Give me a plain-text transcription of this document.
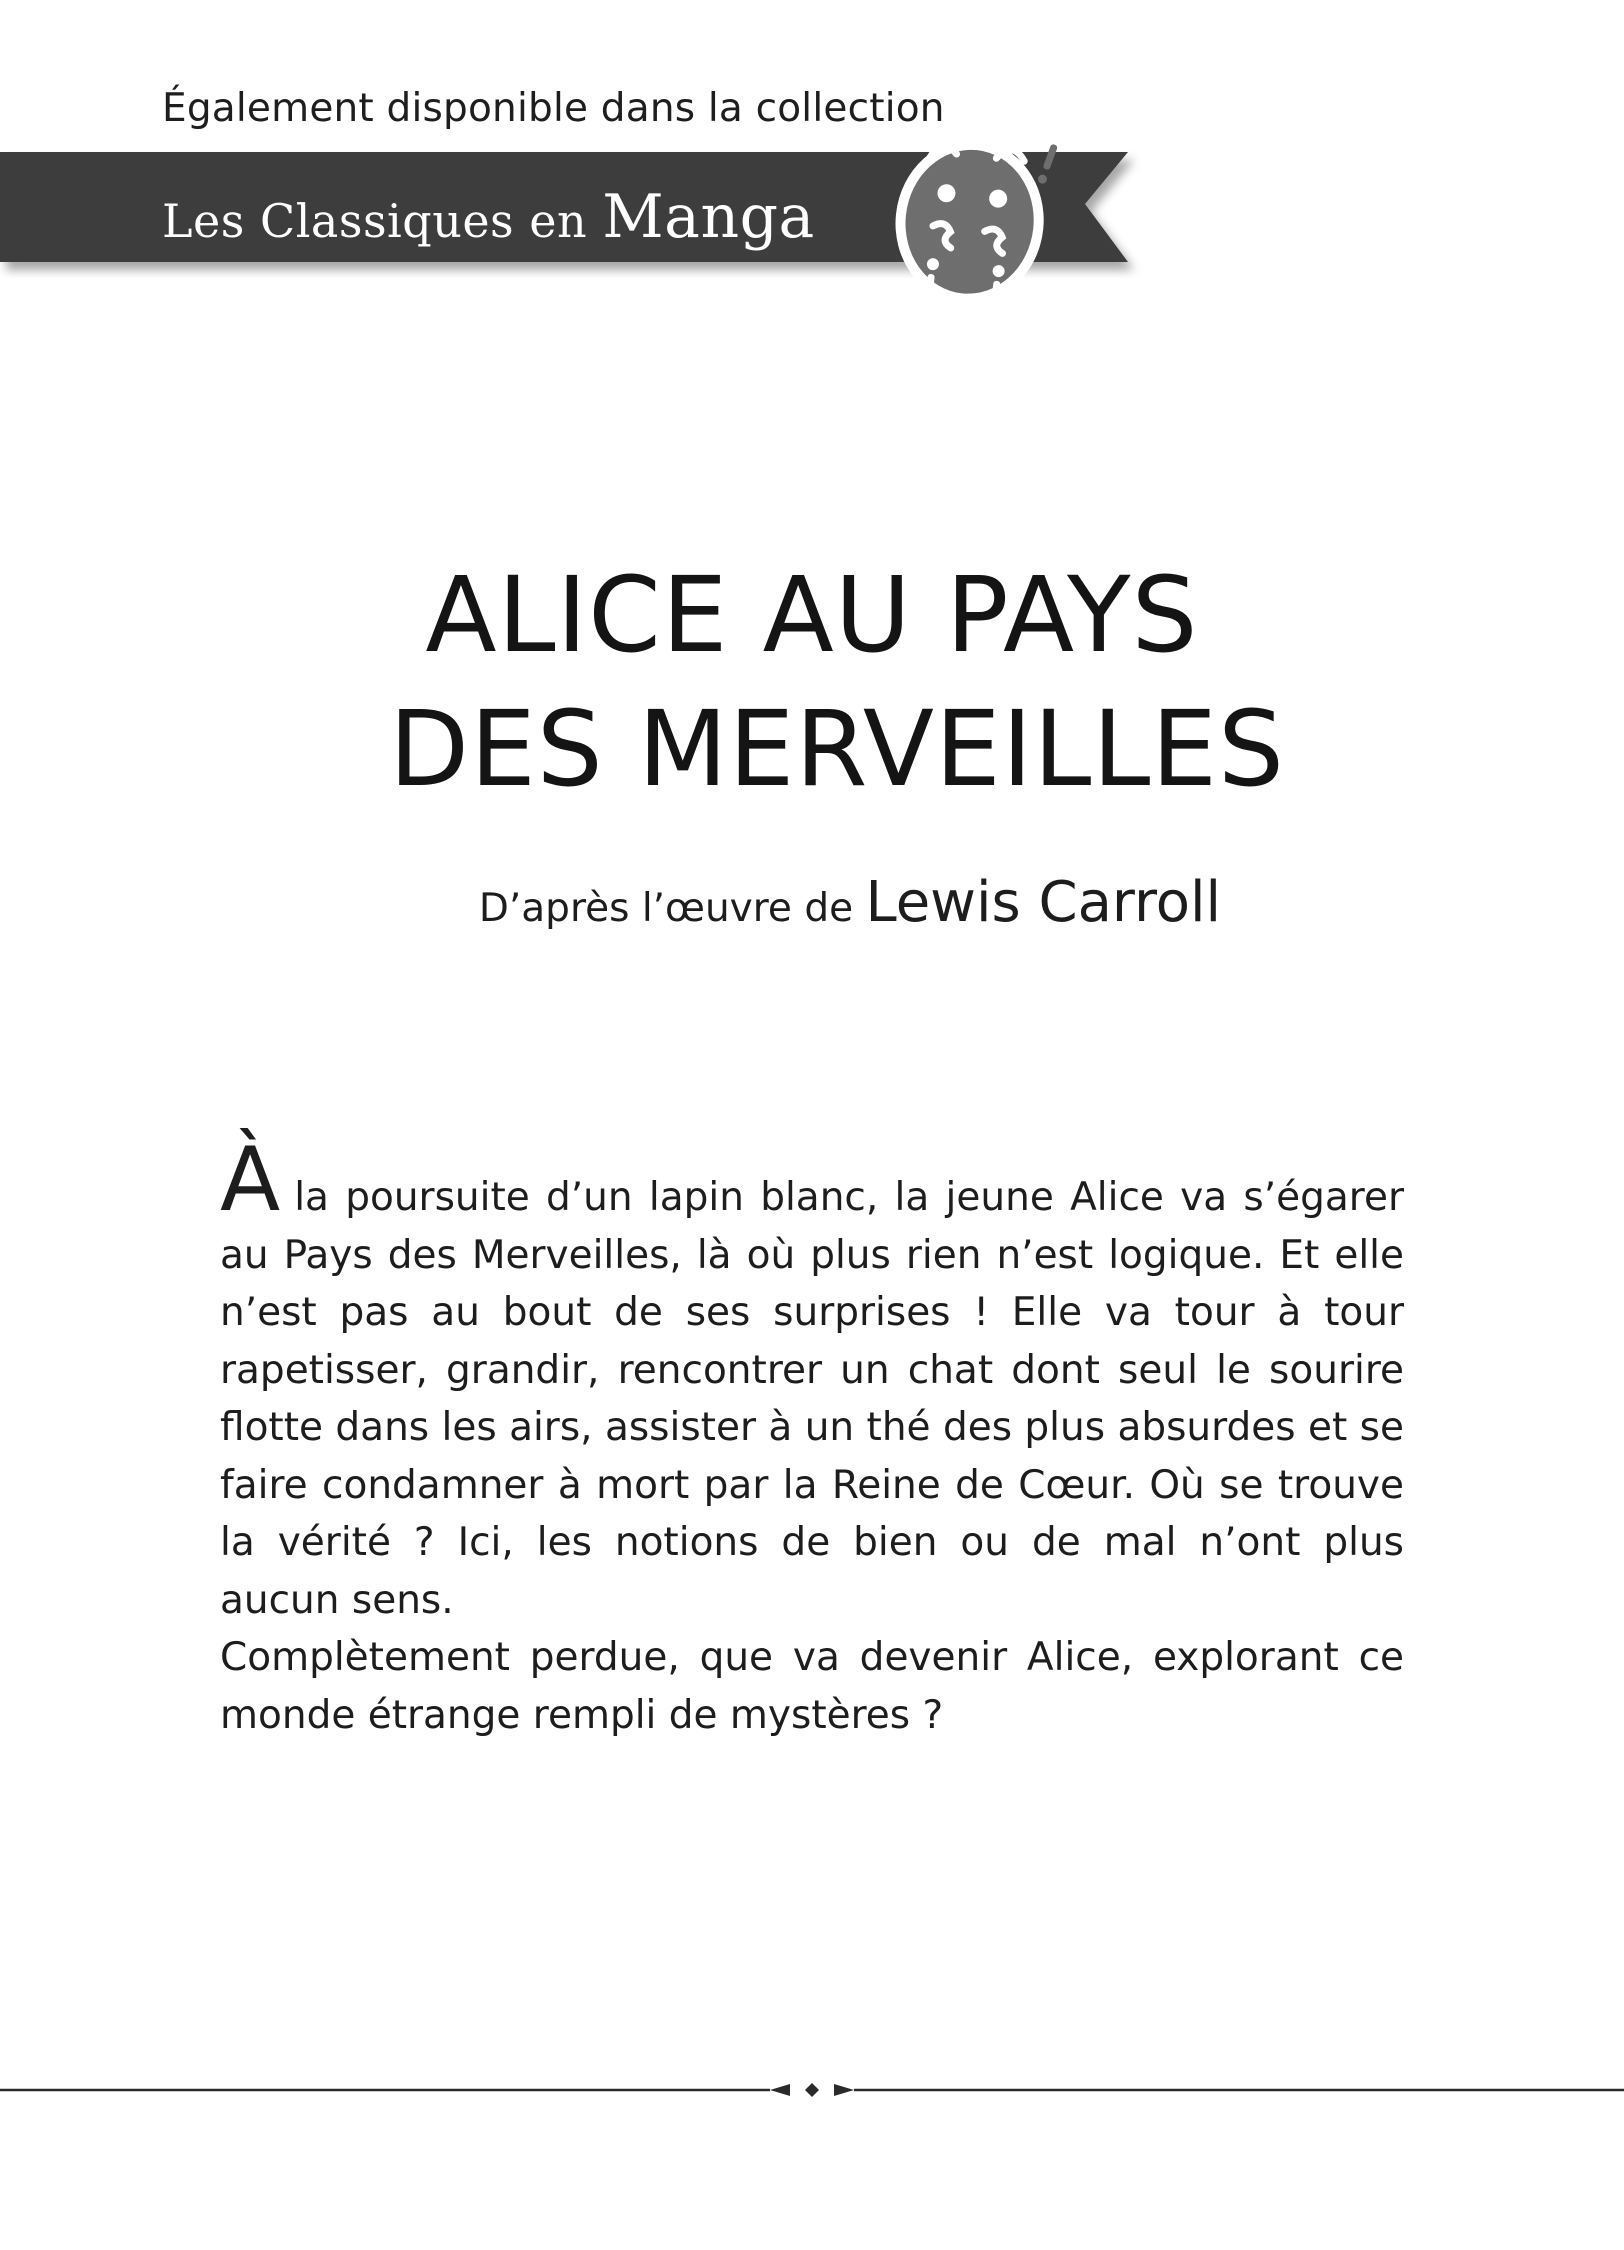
Également disponible dans la collection
Les Classiques en Manga
ALICE AU PAYS
DES MERVEILLES
D’après l’œuvre de Lewis Carroll

Àla poursuite d’un lapin blanc, la jeune Alice va s’égarer au Pays des Merveilles, là où plus rien n’est logique. Et elle n’est pas au bout de ses surprises ! Elle va tour à tour rapetisser, grandir, rencontrer un chat dont seul le sourire flotte dans les airs, assister à un thé des plus absurdes et se faire condamner à mort par la Reine de Cœur. Où se trouve la vérité ? Ici, les notions de bien ou de mal n’ont plus aucun sens.

Complètement perdue, que va devenir Alice, explorant ce monde étrange rempli de mystères ?
